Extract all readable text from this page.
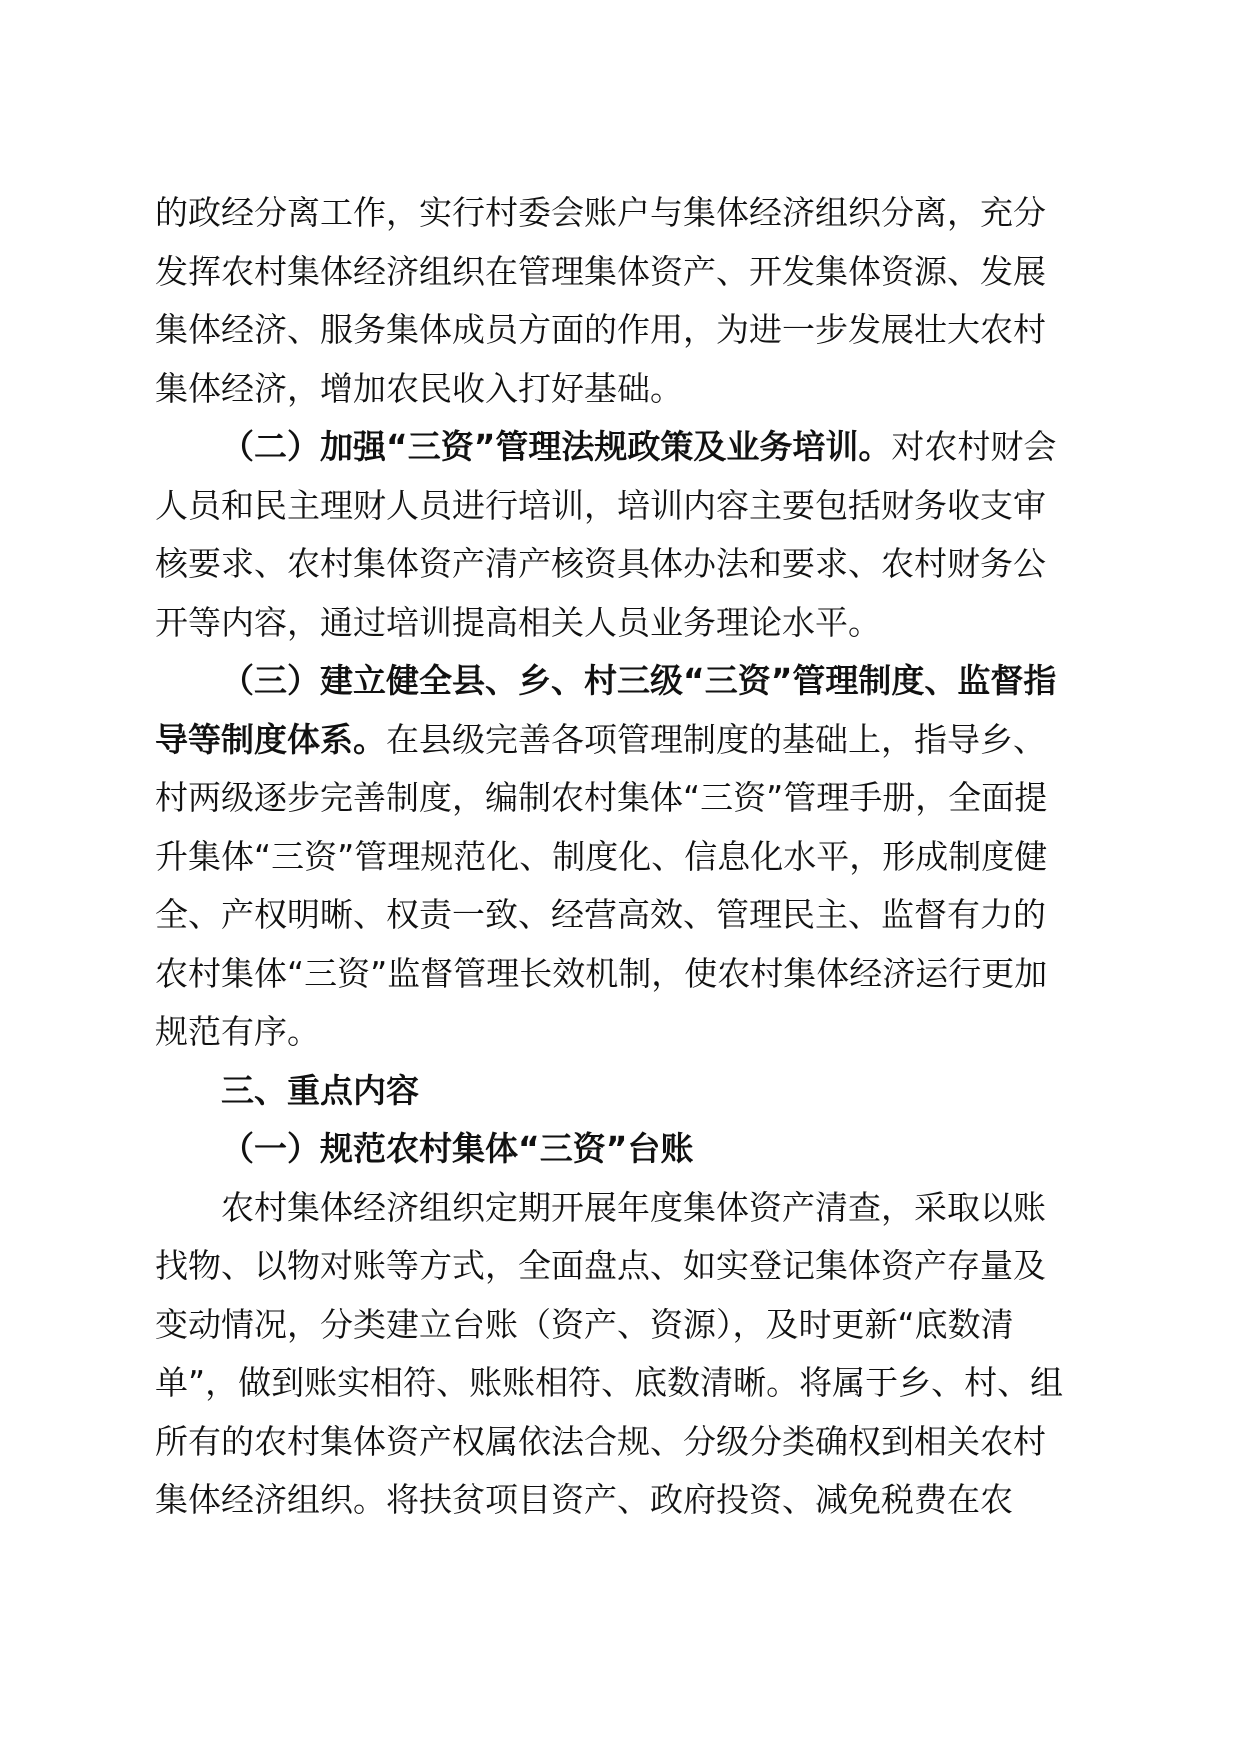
的政经分离工作，实行村委会账户与集体经济组织分离，充分发挥农村集体经济组织在管理集体资产、开发集体资源、发展集体经济、服务集体成员方面的作用，为进一步发展壮大农村集体经济，增加农民收入打好基础。

（二）加强“三资”管理法规政策及业务培训。对农村财会人员和民主理财人员进行培训，培训内容主要包括财务收支审核要求、农村集体资产清产核资具体办法和要求、农村财务公开等内容，通过培训提高相关人员业务理论水平。

（三）建立健全县、乡、村三级“三资”管理制度、监督指导等制度体系。在县级完善各项管理制度的基础上，指导乡、村两级逐步完善制度，编制农村集体“三资”管理手册，全面提升集体“三资”管理规范化、制度化、信息化水平，形成制度健全、产权明晰、权责一致、经营高效、管理民主、监督有力的农村集体“三资”监督管理长效机制，使农村集体经济运行更加规范有序。

三、重点内容

（一）规范农村集体“三资”台账

农村集体经济组织定期开展年度集体资产清查，采取以账找物、以物对账等方式，全面盘点、如实登记集体资产存量及变动情况，分类建立台账（资产、资源），及时更新“底数清单”，做到账实相符、账账相符、底数清晰。将属于乡、村、组所有的农村集体资产权属依法合规、分级分类确权到相关农村集体经济组织。将扶贫项目资产、政府投资、减免税费在农
